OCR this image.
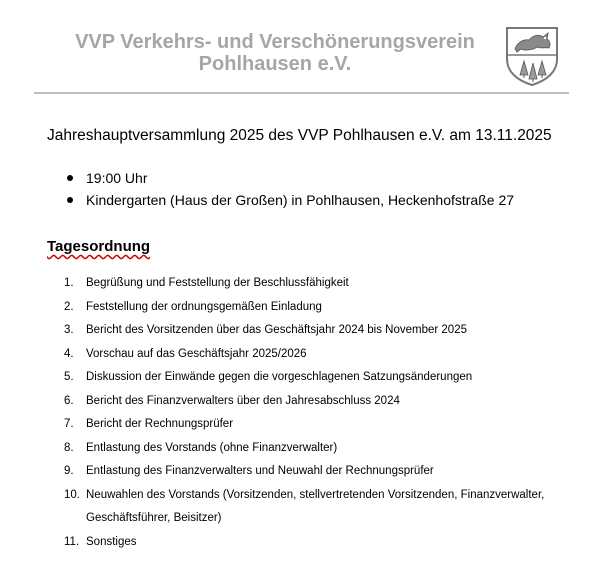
VVP Verkehrs- und Verschönerungsverein
Pohlhausen e.V.
Jahreshauptversammlung 2025 des VVP Pohlhausen e.V. am 13.11.2025
19:00 Uhr
Kindergarten (Haus der Großen) in Pohlhausen, Heckenhofstraße 27
Tagesordnung
1. Begrüßung und Feststellung der Beschlussfähigkeit
2. Feststellung der ordnungsgemäßen Einladung
3. Bericht des Vorsitzenden über das Geschäftsjahr 2024 bis November 2025
4. Vorschau auf das Geschäftsjahr 2025/2026
5. Diskussion der Einwände gegen die vorgeschlagenen Satzungsänderungen
6. Bericht des Finanzverwalters über den Jahresabschluss 2024
7. Bericht der Rechnungsprüfer
8. Entlastung des Vorstands (ohne Finanzverwalter)
9. Entlastung des Finanzverwalters und Neuwahl der Rechnungsprüfer
10. Neuwahlen des Vorstands (Vorsitzenden, stellvertretenden Vorsitzenden, Finanzverwalter, Geschäftsführer, Beisitzer)
11. Sonstiges
